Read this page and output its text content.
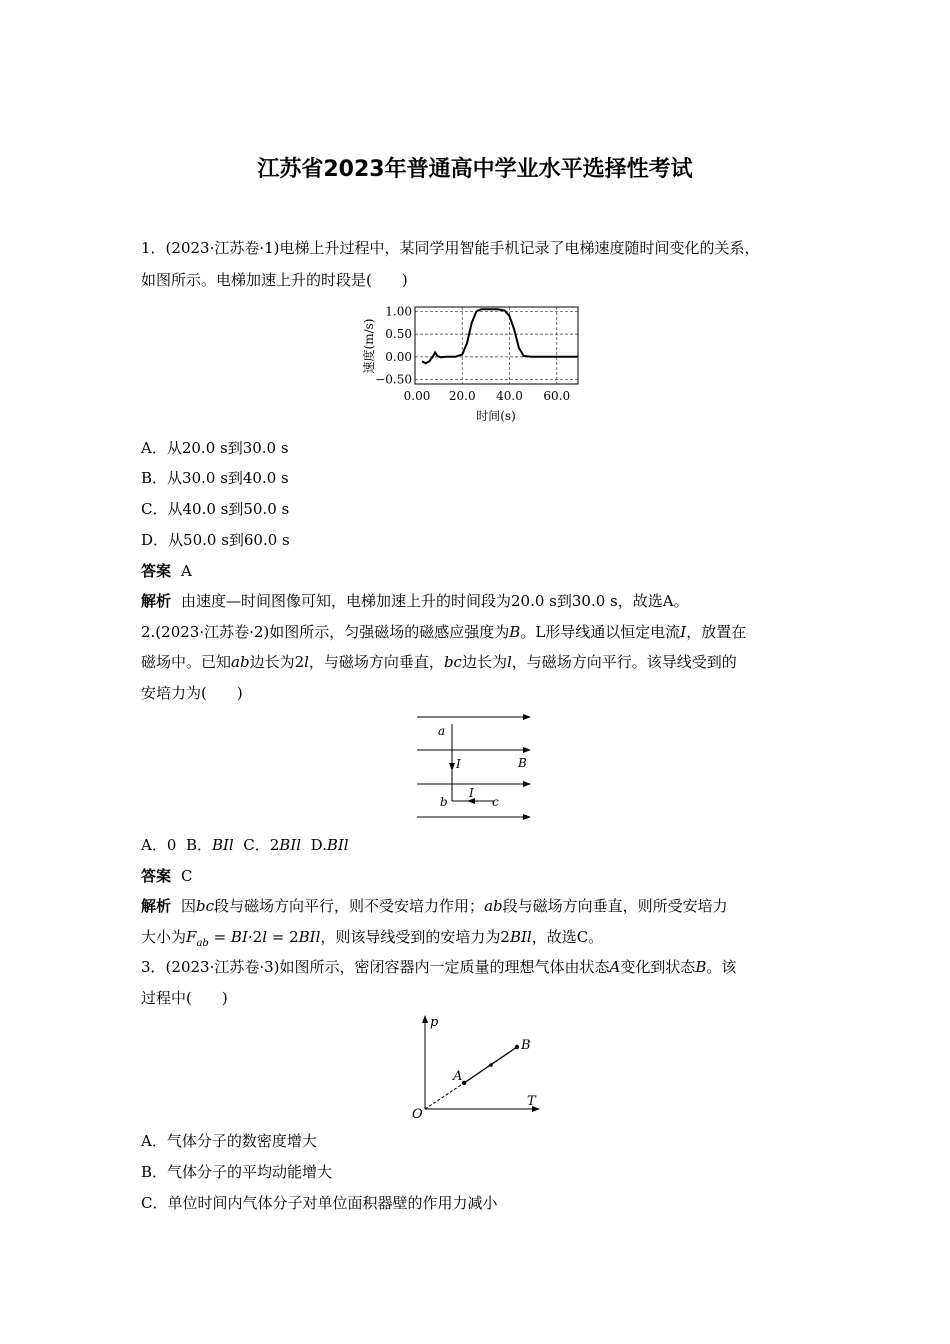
江苏省2023年普通高中学业水平选择性考试
1．(2023·江苏卷·1)电梯上升过程中，某同学用智能手机记录了电梯速度随时间变化的关系，
如图所示。电梯加速上升的时段是(　　)
1.00
0.50
0.00
−0.50
0.00 20.0 40.0 60.0
时间(s)
速度(m/s)
A．从20.0 s到30.0 s
B．从30.0 s到40.0 s
C．从40.0 s到50.0 s
D．从50.0 s到60.0 s
答案 A
解析 由速度—时间图像可知，电梯加速上升的时间段为20.0 s到30.0 s，故选A。
2.(2023·江苏卷·2)如图所示，匀强磁场的磁感应强度为B。L形导线通以恒定电流I，放置在
磁场中。已知ab边长为2l，与磁场方向垂直，bc边长为l，与磁场方向平行。该导线受到的
安培力为(　　)
a
I	B
I
b	c
A．0 B．BIl C．2BIl D.BIl
答案 C
解析 因bc段与磁场方向平行，则不受安培力作用；ab段与磁场方向垂直，则所受安培力
大小为$F_{ab} = BI\cdot 2l = 2BIl$，则该导线受到的安培力为2BIl，故选C。
3．(2023·江苏卷·3)如图所示，密闭容器内一定质量的理想气体由状态A变化到状态B。该
过程中(　　)
p
T
O
A
B
A．气体分子的数密度增大
B．气体分子的平均动能增大
C．单位时间内气体分子对单位面积器壁的作用力减小
